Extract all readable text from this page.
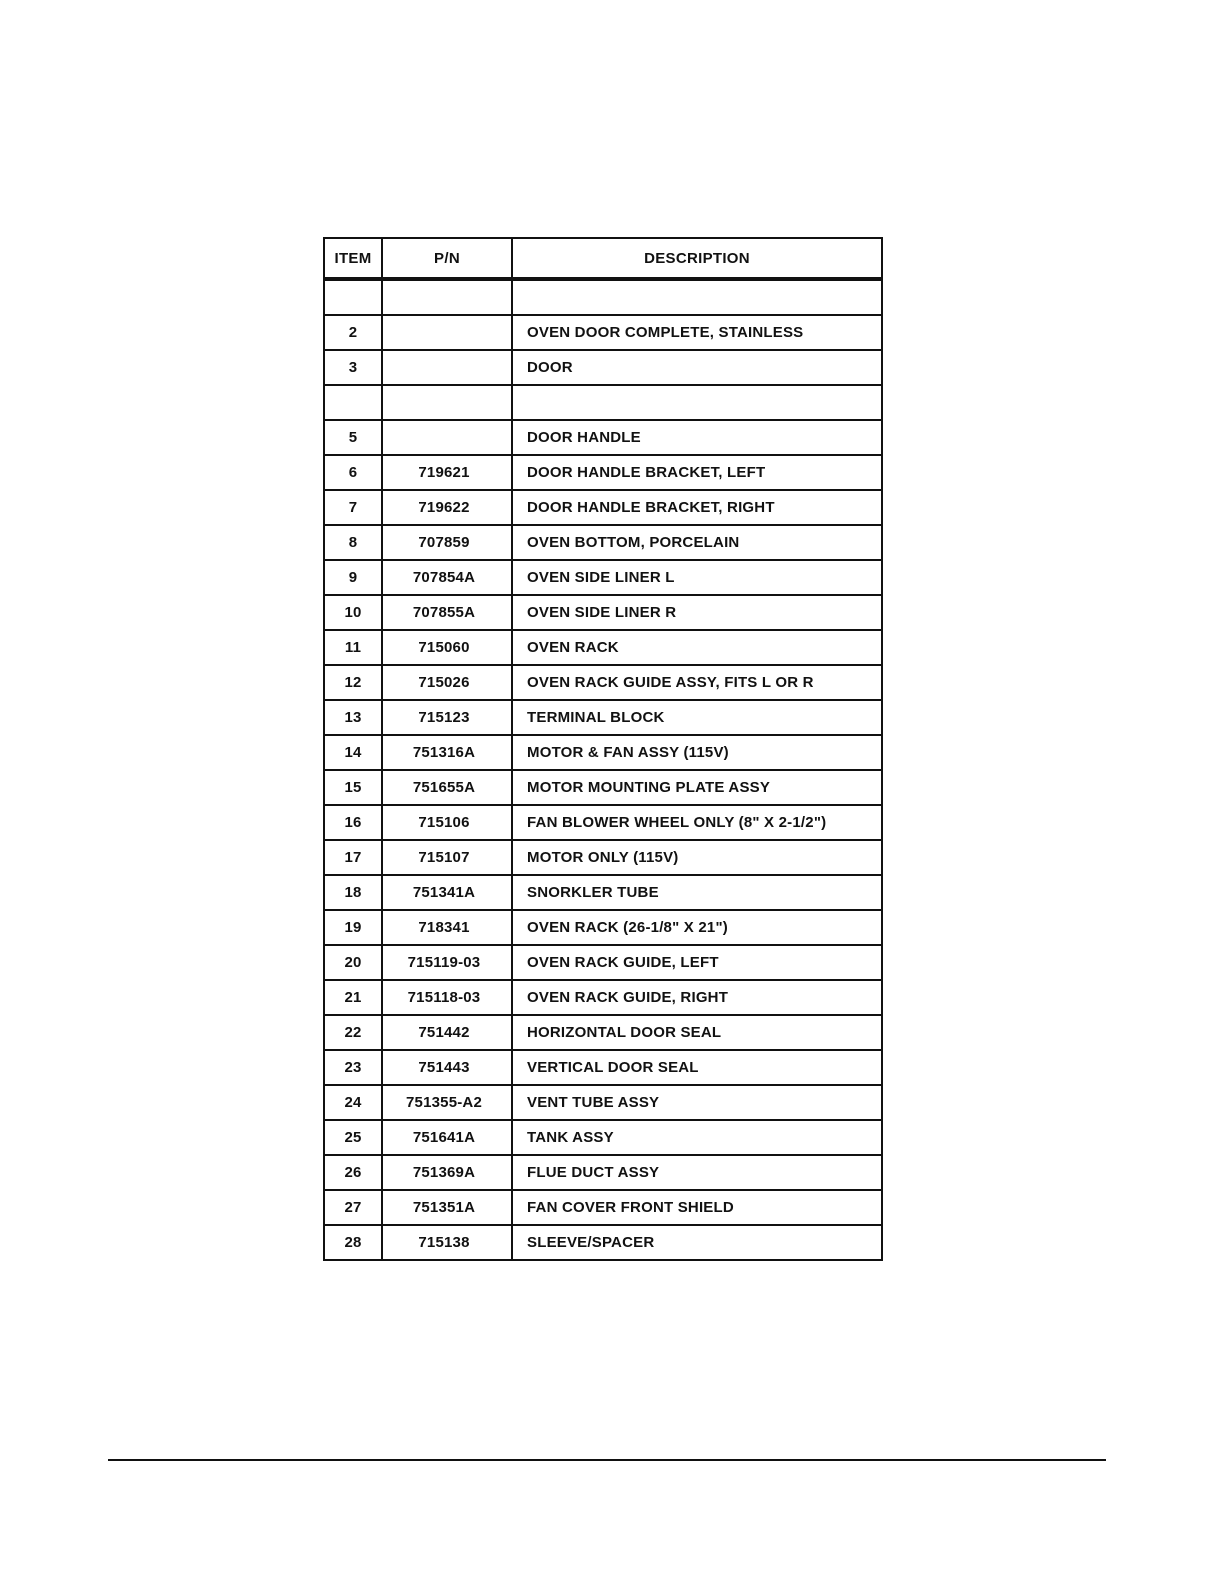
ITEM	P/N	DESCRIPTION

2		OVEN DOOR COMPLETE, STAINLESS
3		DOOR

5		DOOR HANDLE
6	719621	DOOR HANDLE BRACKET, LEFT
7	719622	DOOR HANDLE BRACKET, RIGHT
8	707859	OVEN BOTTOM, PORCELAIN
9	707854A	OVEN SIDE LINER L
10	707855A	OVEN SIDE LINER R
11	715060	OVEN RACK
12	715026	OVEN RACK GUIDE ASSY, FITS L OR R
13	715123	TERMINAL BLOCK
14	751316A	MOTOR & FAN ASSY (115V)
15	751655A	MOTOR MOUNTING PLATE ASSY
16	715106	FAN BLOWER WHEEL ONLY (8" X 2-1/2")
17	715107	MOTOR ONLY (115V)
18	751341A	SNORKLER TUBE
19	718341	OVEN RACK (26-1/8" X 21")
20	715119-03	OVEN RACK GUIDE, LEFT
21	715118-03	OVEN RACK GUIDE, RIGHT
22	751442	HORIZONTAL DOOR SEAL
23	751443	VERTICAL DOOR SEAL
24	751355-A2	VENT TUBE ASSY
25	751641A	TANK ASSY
26	751369A	FLUE DUCT ASSY
27	751351A	FAN COVER FRONT SHIELD
28	715138	SLEEVE/SPACER
